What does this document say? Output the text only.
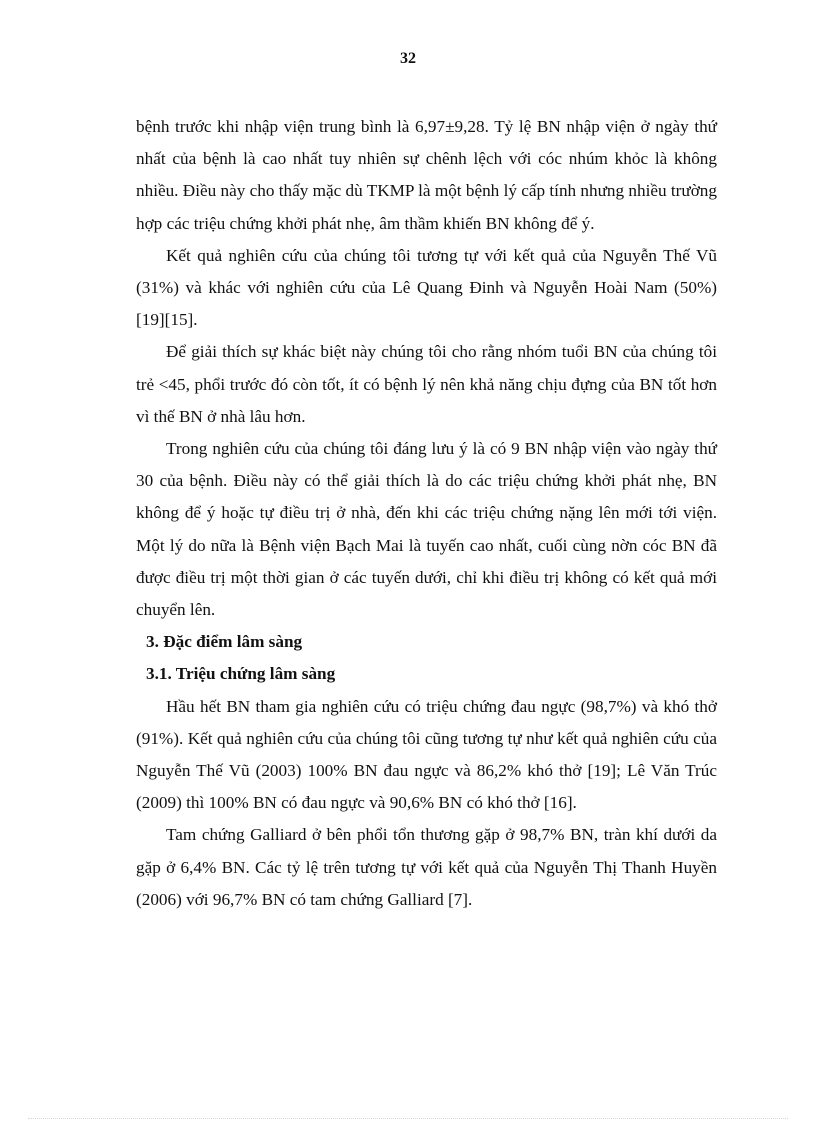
32

bệnh trước khi nhập viện trung bình là 6,97±9,28. Tỷ lệ BN nhập viện ở ngày thứ nhất của bệnh là cao nhất tuy nhiên sự chênh lệch với cóc nhúm khỏc là không nhiều. Điều này cho thấy mặc dù TKMP là một bệnh lý cấp tính nhưng nhiều trường hợp các triệu chứng khởi phát nhẹ, âm thầm khiến BN không để ý.

Kết quả nghiên cứu của chúng tôi tương tự với kết quả của Nguyễn Thế Vũ (31%) và khác với nghiên cứu của Lê Quang Đinh và Nguyễn Hoài Nam (50%) [19][15].

Để giải thích sự khác biệt này chúng tôi cho rằng nhóm tuổi BN của chúng tôi trẻ <45, phổi trước đó còn tốt, ít có bệnh lý nên khả năng chịu đựng của BN tốt hơn vì thế BN ở nhà lâu hơn.

Trong nghiên cứu của chúng tôi đáng lưu ý là có 9 BN nhập viện vào ngày thứ 30 của bệnh. Điều này có thể giải thích là do các triệu chứng khởi phát nhẹ, BN không để ý hoặc tự điều trị ở nhà, đến khi các triệu chứng nặng lên mới tới viện. Một lý do nữa là Bệnh viện Bạch Mai là tuyến cao nhất, cuối cùng nờn cóc BN đã được điều trị một thời gian ở các tuyến dưới, chỉ khi điều trị không có kết quả mới chuyển lên.

3. Đặc điểm lâm sàng

3.1. Triệu chứng lâm sàng

Hầu hết BN tham gia nghiên cứu có triệu chứng đau ngực (98,7%) và khó thở (91%). Kết quả nghiên cứu của chúng tôi cũng tương tự như kết quả nghiên cứu của Nguyễn Thế Vũ (2003) 100% BN đau ngực và 86,2% khó thở [19]; Lê Văn Trúc (2009) thì 100% BN có đau ngực và 90,6% BN có khó thở [16].

Tam chứng Galliard ở bên phổi tổn thương gặp ở 98,7% BN, tràn khí dưới da gặp ở 6,4% BN. Các tỷ lệ trên tương tự với kết quả của Nguyễn Thị Thanh Huyền (2006) với 96,7% BN có tam chứng Galliard [7].
